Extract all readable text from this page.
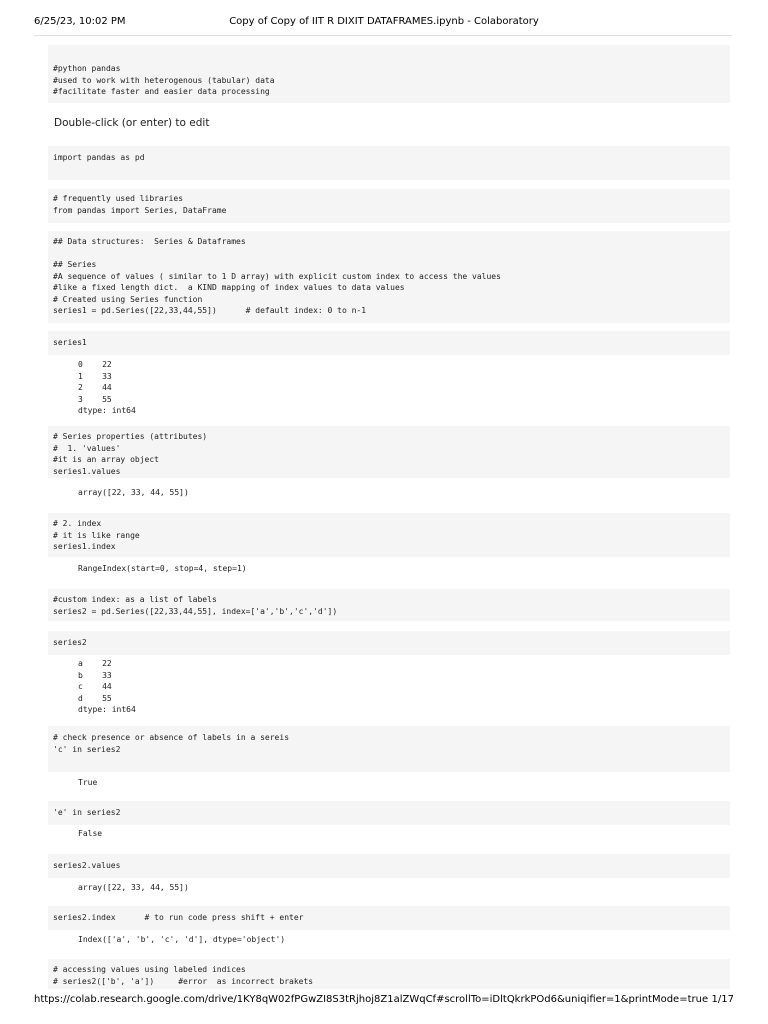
6/25/23, 10:02 PM	Copy of Copy of IIT R DIXIT DATAFRAMES.ipynb - Colaboratory
#python pandas
#used to work with heterogenous (tabular) data
#facilitate faster and easier data processing
Double-click (or enter) to edit
import pandas as pd
# frequently used libraries
from pandas import Series, DataFrame
## Data structures:  Series & Dataframes
## Series
#A sequence of values ( similar to 1 D array) with explicit custom index to access the values
#like a fixed length dict.  a KIND mapping of index values to data values
# Created using Series function
series1 = pd.Series([22,33,44,55])      # default index: 0 to n-1
series1
0    22
1    33
2    44
3    55
dtype: int64
# Series properties (attributes)
#  1. 'values'
#it is an array object
series1.values
array([22, 33, 44, 55])
# 2. index
# it is like range
series1.index
RangeIndex(start=0, stop=4, step=1)
#custom index: as a list of labels
series2 = pd.Series([22,33,44,55], index=['a','b','c','d'])
series2
a    22
b    33
c    44
d    55
dtype: int64
# check presence or absence of labels in a sereis
'c' in series2
True
'e' in series2
False
series2.values
array([22, 33, 44, 55])
series2.index      # to run code press shift + enter
Index(['a', 'b', 'c', 'd'], dtype='object')
# accessing values using labeled indices
# series2(['b', 'a'])     #error  as incorrect brakets
https://colab.research.google.com/drive/1KY8qW02fPGwZI8S3tRjhoj8Z1alZWqCf#scrollTo=iDltQkrkPOd6&uniqifier=1&printMode=true 1/17
